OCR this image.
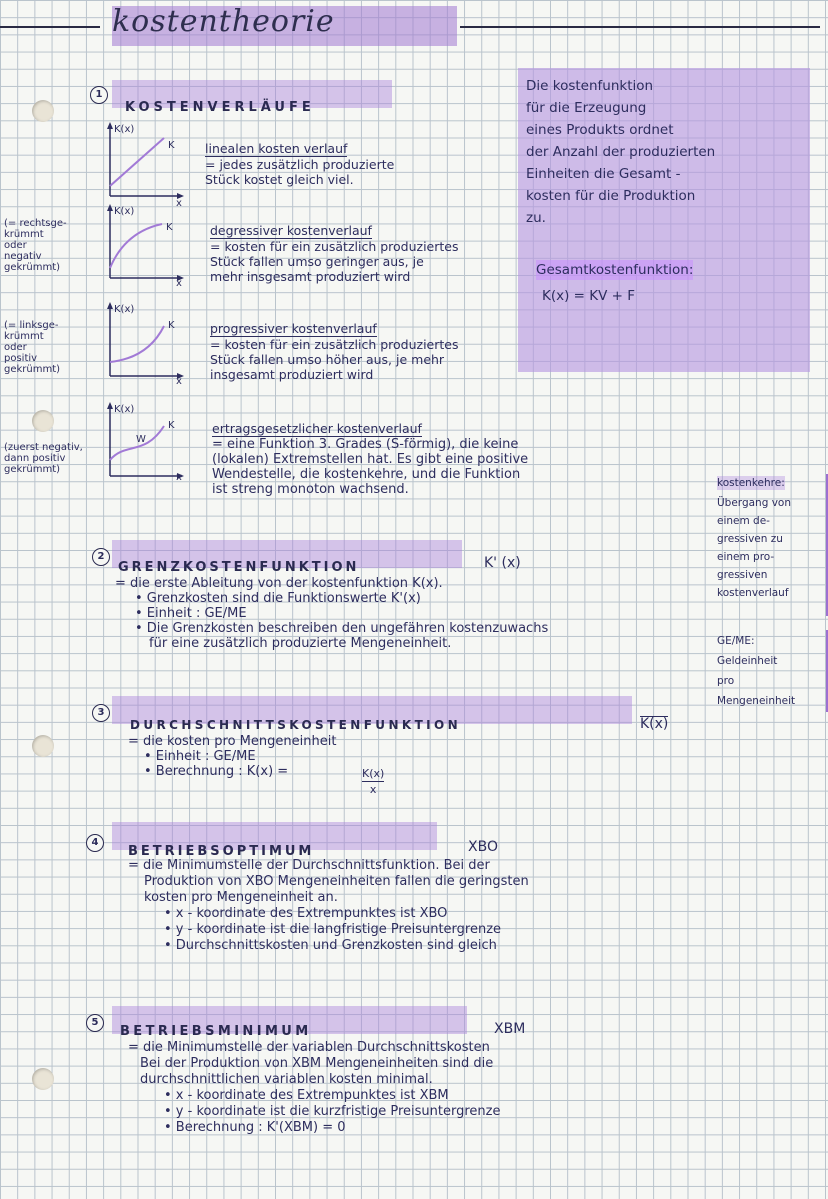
kostentheorie
1
KOSTENVERLÄUFE
K(x)
K
x
K(x)
K
x
K(x)
K
x
K(x)
K
W
x
(= rechtsge-
krümmt
oder
negativ
gekrümmt)
(= linksge-
krümmt
oder
positiv
gekrümmt)
(zuerst negativ,
dann positiv
gekrümmt)
linealen kosten verlauf
= jedes zusätzlich produzierte
Stück kostet gleich viel.
degressiver kostenverlauf
= kosten für ein zusätzlich produziertes
Stück fallen umso geringer aus, je
mehr insgesamt produziert wird
progressiver kostenverlauf
= kosten für ein zusätzlich produziertes
Stück fallen umso höher aus, je mehr
insgesamt produziert wird
ertragsgesetzlicher kostenverlauf
= eine Funktion 3. Grades (S-förmig), die keine
(lokalen) Extremstellen hat. Es gibt eine positive
Wendestelle, die kostenkehre, und die Funktion
ist streng monoton wachsend.
Die kostenfunktion
für die Erzeugung
eines Produkts ordnet
der Anzahl der produzierten
Einheiten die Gesamt -
kosten für die Produktion
zu.
Gesamtkostenfunktion:
K(x) = KV + F
kostenkehre:
Übergang von
einem de-
gressiven zu
einem pro-
gressiven
kostenverlauf
GE/ME:
Geldeinheit
pro
Mengeneinheit
2
GRENZKOSTENFUNKTION	K' (x)
= die erste Ableitung von der kostenfunktion K(x).
• Grenzkosten sind die Funktionswerte K'(x)
• Einheit : GE/ME
• Die Grenzkosten beschreiben den ungefähren kostenzuwachs
für eine zusätzlich produzierte Mengeneinheit.
3
DURCHSCHNITTSKOSTENFUNKTION	K(x)
= die kosten pro Mengeneinheit
• Einheit : GE/ME
• Berechnung : K(x) =	K(x)
x
4
BETRIEBSOPTIMUM	XBO
= die Minimumstelle der Durchschnittsfunktion. Bei der
Produktion von XBO Mengeneinheiten fallen die geringsten
kosten pro Mengeneinheit an.
• x - koordinate des Extrempunktes ist XBO
• y - koordinate ist die langfristige Preisuntergrenze
• Durchschnittskosten und Grenzkosten sind gleich
5
BETRIEBSMINIMUM	XBM
= die Minimumstelle der variablen Durchschnittskosten
Bei der Produktion von XBM Mengeneinheiten sind die
durchschnittlichen variablen kosten minimal.
• x - koordinate des Extrempunktes ist XBM
• y - koordinate ist die kurzfristige Preisuntergrenze
• Berechnung : K'(XBM) = 0
